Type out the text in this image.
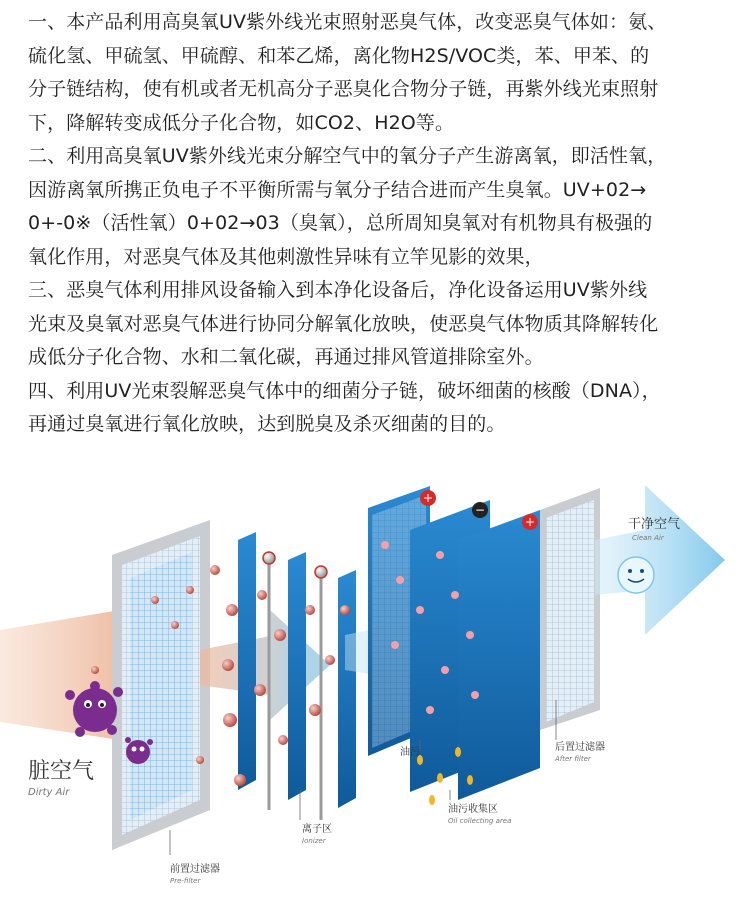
一、本产品利用高臭氧UV紫外线光束照射恶臭气体，改变恶臭气体如：氨、
硫化氢、甲硫氢、甲硫醇、和苯乙烯，离化物H2S/VOC类，苯、甲苯、的
分子链结构，使有机或者无机高分子恶臭化合物分子链，再紫外线光束照射
下，降解转变成低分子化合物，如CO2、H2O等。

二、利用高臭氧UV紫外线光束分解空气中的氧分子产生游离氧，即活性氧，
因游离氧所携正负电子不平衡所需与氧分子结合进而产生臭氧。UV+02→
0+-0※（活性氧）0+02→03（臭氧），总所周知臭氧对有机物具有极强的
氧化作用，对恶臭气体及其他刺激性异味有立竿见影的效果，

三、恶臭气体利用排风设备输入到本净化设备后，净化设备运用UV紫外线
光束及臭氧对恶臭气体进行协同分解氧化放映，使恶臭气体物质其降解转化
成低分子化合物、水和二氧化碳，再通过排风管道排除室外。

四、利用UV光束裂解恶臭气体中的细菌分子链，破坏细菌的核酸（DNA），
再通过臭氧进行氧化放映，达到脱臭及杀灭细菌的目的。

+
−
+
脏空气
Dirty Air
干净空气
Clean Air
前置过滤器
Pre-filter
离子区
Ionizer
油污
油污收集区
Oil collecting area
后置过滤器
After filter
